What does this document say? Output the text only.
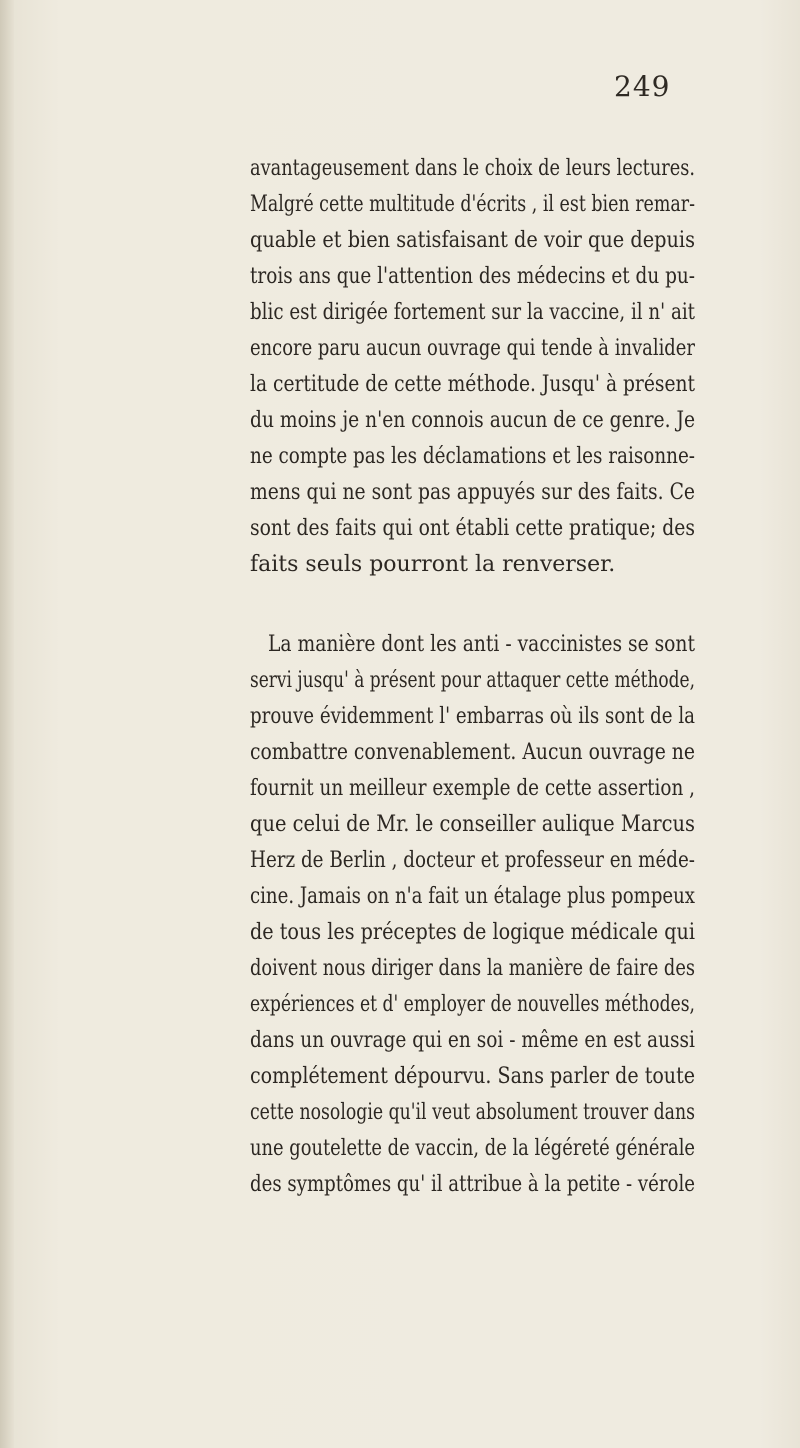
249
avantageusement dans le choix de leurs lectures.
Malgré cette multitude d'écrits , il est bien remar-
quable et bien satisfaisant de voir que depuis
trois ans que l'attention des médecins et du pu-
blic est dirigée fortement sur la vaccine, il n' ait
encore paru aucun ouvrage qui tende à invalider
la certitude de cette méthode. Jusqu' à présent
du moins je n'en connois aucun de ce genre. Je
ne compte pas les déclamations et les raisonne-
mens qui ne sont pas appuyés sur des faits. Ce
sont des faits qui ont établi cette pratique; des
faits seuls pourront la renverser.
La manière dont les anti - vaccinistes se sont
servi jusqu' à présent pour attaquer cette méthode,
prouve évidemment l' embarras où ils sont de la
combattre convenablement. Aucun ouvrage ne
fournit un meilleur exemple de cette assertion ,
que celui de Mr. le conseiller aulique Marcus
Herz de Berlin , docteur et professeur en méde-
cine. Jamais on n'a fait un étalage plus pompeux
de tous les préceptes de logique médicale qui
doivent nous diriger dans la manière de faire des
expériences et d' employer de nouvelles méthodes,
dans un ouvrage qui en soi - même en est aussi
complétement dépourvu. Sans parler de toute
cette nosologie qu'il veut absolument trouver dans
une goutelette de vaccin, de la légéreté générale
des symptômes qu' il attribue à la petite - vérole
